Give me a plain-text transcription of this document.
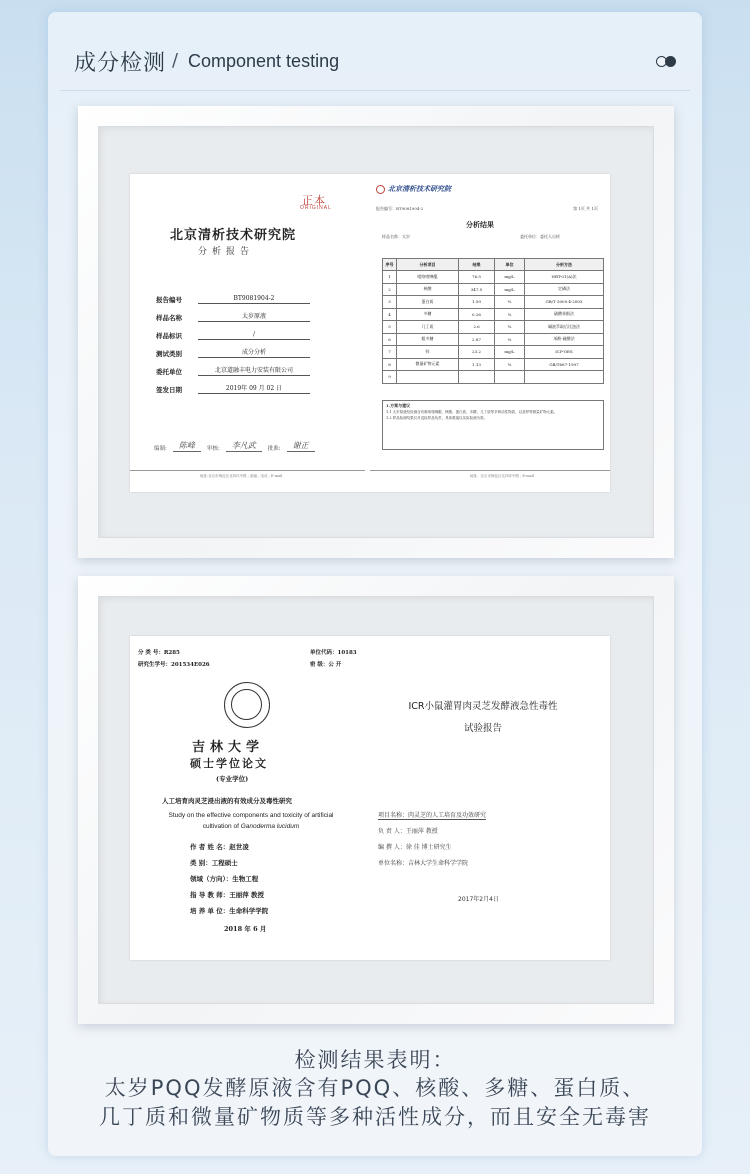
成分检测 / Component testing
正本
ORIGINAL
北京清析技术研究院
分析报告
报告编号	BT9081904-2
样品名称	太岁原液
样品标识	/
测试类别	成分分析
委托单位	北京道融丰电力安装有限公司
签发日期	2019年 09 月 02 日
编制:	陈峰	审核:	李凡武	批准:	谢正
地址:北京市海淀区北四环中路 ; 邮编 ; 电话 ; E-mail
北京清析技术研究院
报告编号：BT9081904-2	第 1页 共 1页
分析结果
样品名称：太岁	委托单位：委托人自样
序号	分析项目	结果	单位	分析方法
1	吡咯喹啉醌	76.5	mg/L	NBT-01(A)法
2	核酸	347.5	mg/L	定磷法
3	蛋白质	1.59	%	GB/T 5009.4-2003
4	多糖	0.26	%	硫酸苯酚法
5	几丁质	2.6	%	碱液萃取后比浊法
6	粗多糖	2.87	%	苯酚-硫酸法
7	锌	23.2	mg/L	ICP-OES
8	微量矿物元素	1.13	%	GB/T687-1997
9				
1.方案与建议
1.1 太岁原液经检测含有吡咯喹啉醌、核酸、蛋白质、多糖、几丁质等多种活性物质，以及锌等微量矿物元素。
1.2 样品检测结果仅对送检样品负责，具体数值以实际检测为准。
地址：北京市海淀区北四环中路 ; E-mail
分 类 号：R285	单位代码：10183
研究生学号：201534E026	密 级：公 开
吉林大学
硕士学位论文
(专业学位)
人工培育肉灵芝浸出液的有效成分及毒性研究
Study on the effective components and toxicity of artificial
cultivation of Ganoderma lucidum
作 者 姓 名：赵世凌
类 别：工程硕士
领域（方向）：生物工程
指 导 教 师：王丽萍 教授
培 养 单 位：生命科学学院
2018 年 6 月
ICR小鼠灌胃肉灵芝发酵液急性毒性
试验报告
项目名称：肉灵芝的人工培育及功效研究
负 责 人：王丽萍 教授
编 撰 人：徐 佳 博士研究生
单位名称：吉林大学生命科学学院
2017年2月4日
检测结果表明：
太岁PQQ发酵原液含有PQQ、核酸、多糖、蛋白质、
几丁质和微量矿物质等多种活性成分，而且安全无毒害
